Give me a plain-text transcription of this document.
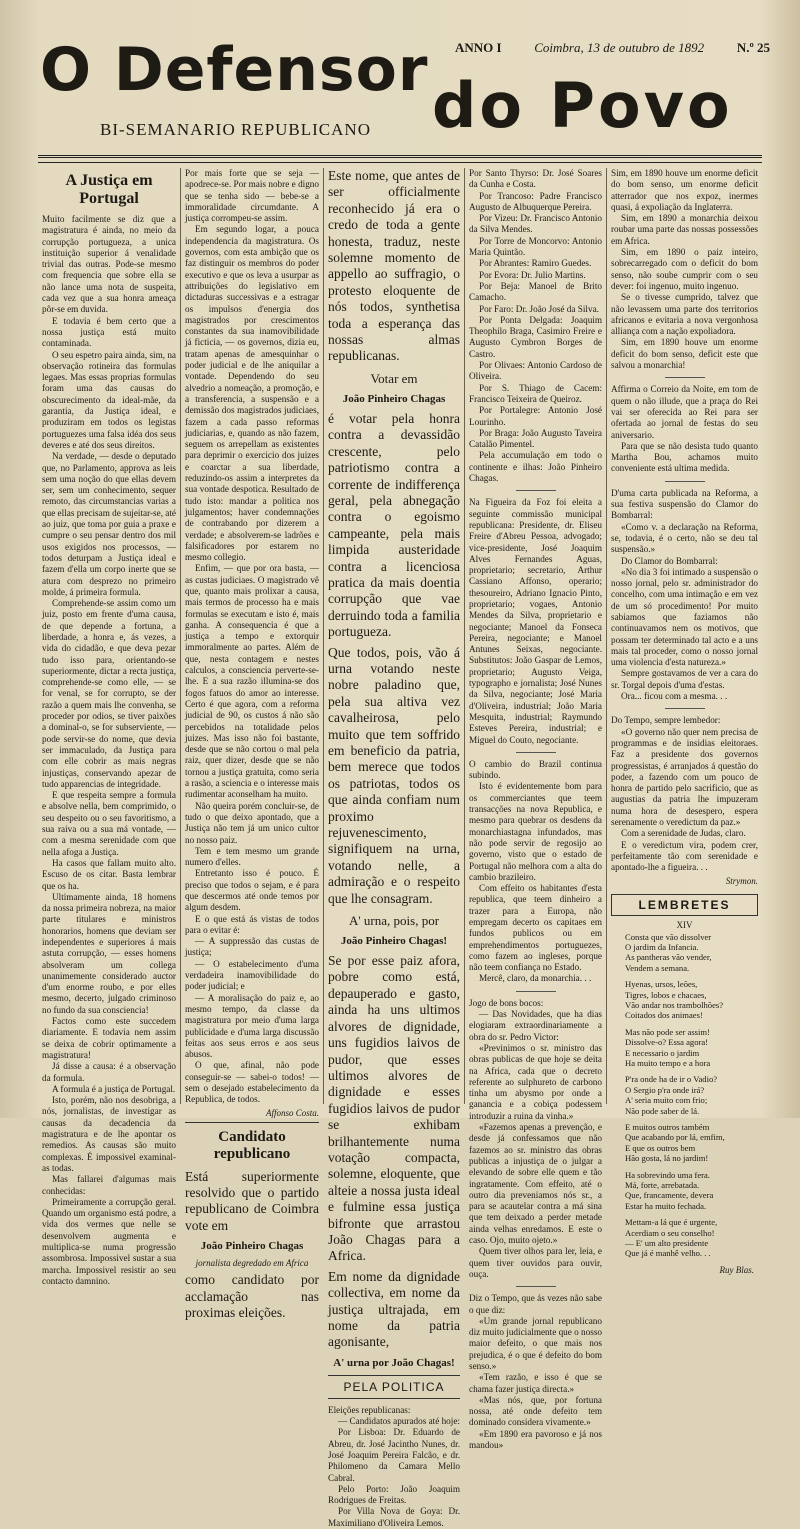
O Defensor do Povo
BI-SEMANARIO REPUBLICANO
ANNO I	Coimbra, 13 de outubro de 1892	N.º 25
A Justiça em Portugal

Muito facilmente se diz que a magistratura é ainda, no meio da corrupção portugueza, a unica instituição superior á venalidade trivial das outras. Pode-se mesmo com frequencia que sobre ella se não lance uma nota de suspeita, cada vez que a sua honra ameaça pôr-se em duvida.

E todavia é bem certo que a nossa justiça está muito contaminada.

O seu espetro paira ainda, sim, na observação rotineira das formulas legaes. Mas essas proprias formulas foram uma das causas do obscurecimento da ideal-mãe, da garantia, da Justiça ideal, e produziram em todos os legistas portuguezes uma falsa idéa dos seus deveres e até dos seus direitos.

Na verdade, — desde o deputado que, no Parlamento, approva as leis sem uma noção do que ellas devem ser, sem um conhecimento, sequer remoto, das circumstancias varias a que ellas precisam de sujeitar-se, até ao juiz, que toma por guia a praxe e cumpre o seu pensar dentro dos mil usos exigidos nos processos, — todos deturpam a Justiça ideal e fazem d'ella um corpo inerte que se atura com desprezo no primeiro molde, á primeira formula.

Comprehende-se assim como um juiz, posto em frente d'uma causa, de que depende a fortuna, a liberdade, a honra e, ás vezes, a vida do cidadão, e que deva pezar tudo isso para, orientando-se superiormente, dictar a recta justiça, comprehende-se como elle, — se for venal, se for corrupto, se der razão a quem mais lhe convenha, se proceder por odios, se tiver paixões a dominal-o, se for subserviente, — pode servir-se do nome, que devia ser immaculado, da Justiça para com elle cobrir as mais negras injustiças, conservando apezar de tudo apparencias de integridade.

E que respeita sempre a formula e absolve nella, bem comprimido, o seu despeito ou o seu favoritismo, a sua raiva ou a sua má vontade, — com a mesma serenidade com que nella afoga a Justiça.

Ha casos que fallam muito alto. Escuso de os citar. Basta lembrar que os ha.

Ultimamente ainda, 18 homens da nossa primeira nobreza, na maior parte titulares e ministros honorarios, homens que deviam ser independentes e superiores á mais astuta corrupção, — esses homens absolveram um collega unanimemente considerado auctor d'um enorme roubo, e por elles mesmo, decerto, julgado criminoso no fundo da sua consciencia!

Factos como este succedem diariamente. E todavia nem assim se deixa de cobrir optimamente a magistratura!

Já disse a causa: é a observação da formula.

A formula é a justiça de Portugal.

Isto, porém, não nos desobriga, a nós, jornalistas, de investigar as causas da decadencia da magistratura e de lhe apontar os remedios. As causas são muito complexas. É impossivel examinal-as todas.

Mas fallarei d'algumas mais conhecidas:

Primeiramente a corrupção geral. Quando um organismo está podre, a vida dos vermes que nelle se desenvolvem augmenta e multiplica-se numa progressão assombrosa. Impossivel sustar a sua marcha. Impossivel resistir ao seu contacto damnino.

Por mais forte que se seja — apodrece-se. Por mais nobre e digno que se tenha sido — bebe-se a immoralidade circumdante. A justiça corrompeu-se assim.

Em segundo logar, a pouca independencia da magistratura. Os governos, com esta ambição que os faz distinguir os membros do poder executivo e que os leva a usurpar as attribuições do legislativo em dictaduras successivas e a estragar os impulsos d'energia dos magistrados por crescimentos constantes da sua inamovibilidade já ficticia, — os governos, dizia eu, tratam apenas de amesquinhar o poder judicial e de lhe aniquilar a vontade. Dependendo do seu alvedrio a nomeação, a promoção, e a transferencia, a suspensão e a demissão dos magistrados judiciaes, fazem a cada passo reformas judiciarias, e, quando as não fazem, seguem os arrepellam as existentes para deprimir o exercicio dos juizes e coarctar a sua liberdade, reduzindo-os assim a interpretes da sua vontade despotica. Resultado de tudo isto: mandar a politica nos julgamentos; haver condemnações de contrabando por dizerem a verdade; e absolverem-se ladrões e falsificadores por estarem no mesmo collegio.

Enfim, — que por ora basta, — as custas judiciaes. O magistrado vê que, quanto mais prolixar a causa, mais termos de processo ha e mais formulas se executam e isto é, mais ganha. A consequencia é que a justiça a tempo e extorquir immoralmente ao partes. Além de que, nesta contagem e nestes calculos, a consciencia perverte-se-lhe. E a sua razão illumina-se dos fogos fatuos do amor ao interesse. Certo é que agora, com a reforma judicial de 90, os custos á não são percebidos na totalidade pelos juizes. Mas isso não foi bastante, desde que se não cortou o mal pela raiz, quer dizer, desde que se não tornou a justiça gratuita, como seria a rasão, a sciencia e o interesse mais rudimentar aconselham ha muito.

Não queira porém concluir-se, de tudo o que deixo apontado, que a Justiça não tem já um unico cultor no nosso paiz.

Tem e tem mesmo um grande numero d'elles.

Entretanto isso é pouco. É preciso que todos o sejam, e é para que descermos até onde temos por algum desdem.

E o que está ás vistas de todos para o evitar é:

— A suppressão das custas de justiça;

— O estabelecimento d'uma verdadeira inamovibilidade do poder judicial; e

— A moralisação do paiz e, ao mesmo tempo, da classe da magistratura por meio d'uma larga publicidade e d'uma larga discussão feitas aos seus erros e aos seus abusos.

O que, afinal, não pode conseguir-se — sabei-o todos! — sem o desejado estabelecimento da Republica, de todos.

Affonso Costa.
Candidato republicano

Está superiormente resolvido que o partido republicano de Coimbra vote em

João Pinheiro Chagas
jornalista degredado em Africa

como candidato por acclamação nas proximas eleições.

Este nome, que antes de ser officialmente reconhecido já era o credo de toda a gente honesta, traduz, neste solemne momento de appello ao suffragio, o protesto eloquente de nós todos, synthetisa toda a esperança das nossas almas republicanas.

Votar em
João Pinheiro Chagas

é votar pela honra contra a devassidão crescente, pelo patriotismo contra a corrente de indifferença geral, pela abnegação contra o egoismo campeante, pela mais limpida austeridade contra a licenciosa pratica da mais doentia corrupção que vae derruindo toda a familia portugueza.

Que todos, pois, vão á urna votando neste nobre paladino que, pela sua altiva vez cavalheirosa, pelo muito que tem soffrido em beneficio da patria, bem merece que todos os patriotas, todos os que ainda confiam num proximo rejuvenescimento, signifiquem na urna, votando nelle, a admiração e o respeito que lhe consagram.

A' urna, pois, por
João Pinheiro Chagas!

Se por esse paiz afora, pobre como está, depauperado e gasto, ainda ha uns ultimos alvores de dignidade, uns fugidios laivos de pudor, que esses ultimos alvores de dignidade e esses fugidios laivos de pudor se exhibam brilhantemente numa votação compacta, solemne, eloquente, que alteie a nossa justa ideal e fulmine essa justiça bifronte que arrastou João Chagas para a Africa.

Em nome da dignidade collectiva, em nome da justiça ultrajada, em nome da patria agonisante,

A' urna por João Chagas!
PELA POLITICA

Eleições republicanas:

— Candidatos apurados até hoje:

Por Lisboa: Dr. Eduardo de Abreu, dr. José Jacintho Nunes, dr. José Joaquim Pereira Falcão, e dr. Philomeno da Camara Mello Cabral.

Pelo Porto: João Joaquim Rodrigues de Freitas.

Por Villa Nova de Goya: Dr. Maximiliano d'Oliveira Lemos.

Por Santo Thyrso: Dr. José Soares da Cunha e Costa.

Por Trancoso: Padre Francisco Augusto de Albuquerque Pereira.

Por Vizeu: Dr. Francisco Antonio da Silva Mendes.

Por Torre de Moncorvo: Antonio Maria Quintão.

Por Abrantes: Ramiro Guedes.

Por Evora: Dr. Julio Martins.

Por Beja: Manoel de Brito Camacho.

Por Faro: Dr. João José da Silva.

Por Ponta Delgada: Joaquim Theophilo Braga, Casimiro Freire e Augusto Cymbron Borges de Castro.

Por Olivaes: Antonio Cardoso de Oliveira.

Por S. Thiago de Cacem: Francisco Teixeira de Queiroz.

Por Portalegre: Antonio José Lourinho.

Por Braga: João Augusto Taveira Catalão Pimentel.

Pela accumulação em todo o continente e ilhas: João Pinheiro Chagas.

Na Figueira da Foz foi eleita a seguinte commissão municipal republicana: Presidente, dr. Eliseu Freire d'Abreu Pessoa, advogado; vice-presidente, José Joaquim Alves Fernandes Aguas, proprietario; secretario, Arthur Cassiano Affonso, operario; thesoureiro, Adriano Ignacio Pinto, proprietario; vogaes, Antonio Mendes da Silva, proprietario e negociante; Manoel da Fonseca Pereira, negociante; e Manoel Antunes Seixas, negociante. Substitutos: João Gaspar de Lemos, proprietario; Augusto Veiga, typographo e jornalista; José Nunes da Silva, negociante; José Maria d'Oliveira, industrial; João Maria Mesquita, industrial; Raymundo Esteves Pereira, industrial; e Miguel do Couto, negociante.

O cambio do Brazil continua subindo.

Isto é evidentemente bom para os commerciantes que teem transacções na nova Republica, e mesmo para quebrar os desdens da monarchiastagna infundados, mas não pode servir de regosijo ao governo, visto que o estado de Portugal não melhora com a alta do cambio brazileiro.

Com effeito os habitantes d'esta republica, que teem dinheiro a trazer para a Europa, não empregam decerto os capitaes em fundos publicos ou em emprehendimentos portuguezes, como fazem ao ingleses, porque não teem confiança no Estado.

Mercê, claro, da monarchia. . .

Jogo de bons bocos:

— Das Novidades, que ha dias elogiaram extraordinariamente a obra do sr. Pedro Victor:

«Previnimos o sr. ministro das obras publicas de que hoje se deita na Africa, cada que o decreto referente ao sulphureto de carbono tinha um abysmo por onde a ganancia e a cobiça podessem introduzir a ruina da vinha.»

«Fazemos apenas a prevenção, e desde já confessamos que não fazemos ao sr. ministro das obras publicas a injustiça de o julgar a elevando de sobre elle quem e tão ingratamente. Com effeito, até o outro dia preveniamos nós sr., a para se acautelar contra a má sina que tem deixado a perder metade ainda velhas enredamos. E este o caso. Ojo, muito ojeto.»

Quem tiver olhos para ler, leia, e quem tiver ouvidos para ouvir, ouça.

Diz o Tempo, que ás vezes não sabe o que diz:

«Um grande jornal republicano diz muito judicialmente que o nosso maior defeito, o que mais nos prejudica, é o que é defeito do bom senso.»

«Tem razão, e isso é que se chama fazer justiça directa.»

«Mas nós, que, por fortuna nossa, até onde defeito tem dominado considera vivamente.»

«Em 1890 era pavoroso e já nos mandou»

Sim, em 1890 houve um enorme deficit do bom senso, um enorme deficit atterrador que nos expoz, inermes quasi, á expoliação da Inglaterra.

Sim, em 1890 a monarchia deixou roubar uma parte das nossas possessões em Africa.

Sim, em 1890 o paiz inteiro, sobrecarregado com o deficit do bom senso, não soube cumprir com o seu dever: foi ingenuo, muito ingenuo.

Se o tivesse cumprido, talvez que não levassem uma parte dos territorios africanos e evitaria a nova vergonhosa alliança com a nação expoliadora.

Sim, em 1890 houve um enorme deficit do bom senso, deficit este que salvou a monarchia!

Affirma o Correio da Noite, em tom de quem o não illude, que a praça do Rei vai ser oferecida ao Rei para ser ofertada ao jornal de festas do seu aniversario.

Para que se não desista tudo quanto Martha Bou, achamos muito conveniente está ultima medida.

D'uma carta publicada na Reforma, a sua festiva suspensão do Clamor do Bombarral:

«Como v. a declaração na Reforma, se, todavia, é o certo, não se deu tal suspensão.»

Do Clamor do Bombarral:

«No dia 3 foi intimado a suspensão o nosso jornal, pelo sr. administrador do concelho, com uma intimação e em vez de um só procedimento! Por muito sabiamos que faziamos não continuavamos nem os motivos, que possam ter determinado tal acto e a uns mais tal proceder, como o nosso jornal uma violencia d'esta natureza.»

Sempre gostavamos de ver a cara do sr. Torgal depois d'uma d'estas.

Ora... ficou com a mesma. . .

Do Tempo, sempre lembedor:

«O governo não quer nem precisa de programmas e de insidias eleitoraes. Faz a presidente dos governos progressistas, é arranjados á questão do poder, a fazendo com um pouco de honra de partido pelo sacrificio, que as augustias da patria lhe impuzeram numa hora de desespero, espera serenamente o veredictum da paz.»

Com a serenidade de Judas, claro.

E o veredictum vira, podem crer, perfeitamente tão com serenidade e apontado-lhe a figueira. . .

Strymon.
LEMBRETES
XIV

Consta que vão dissolver
O jardim da Infancia.
As pantheras vão vender,
Vendem a semana.

Hyenas, ursos, leões,
Tigres, lobos e chacaes,
Vão andar nos trambolhões?
Coitados dos animaes!

Mas não pode ser assim!
Dissolve-o? Essa agora!
E necessario o jardim
Ha muito tempo e a hora

P'ra onde ha de ir o Vadio?
O Sergio p'ra onde irá?
A' seria muito com frio;
Não pode saber de lá.

E muitos outros também
Que acabando por lá, emfim,
E que os outros bem
Hão gosta, lá no jardim!

Ha sobrevindo uma fera.
Má, forte, arrebatada.
Que, francamente, devera
Estar ha muito fechada.

Mettam-a lá que é urgente,
Acerdiam o seu conselho!
— E' um alto presidente
Que já é manhê velho. . .

Ruy Blas.
